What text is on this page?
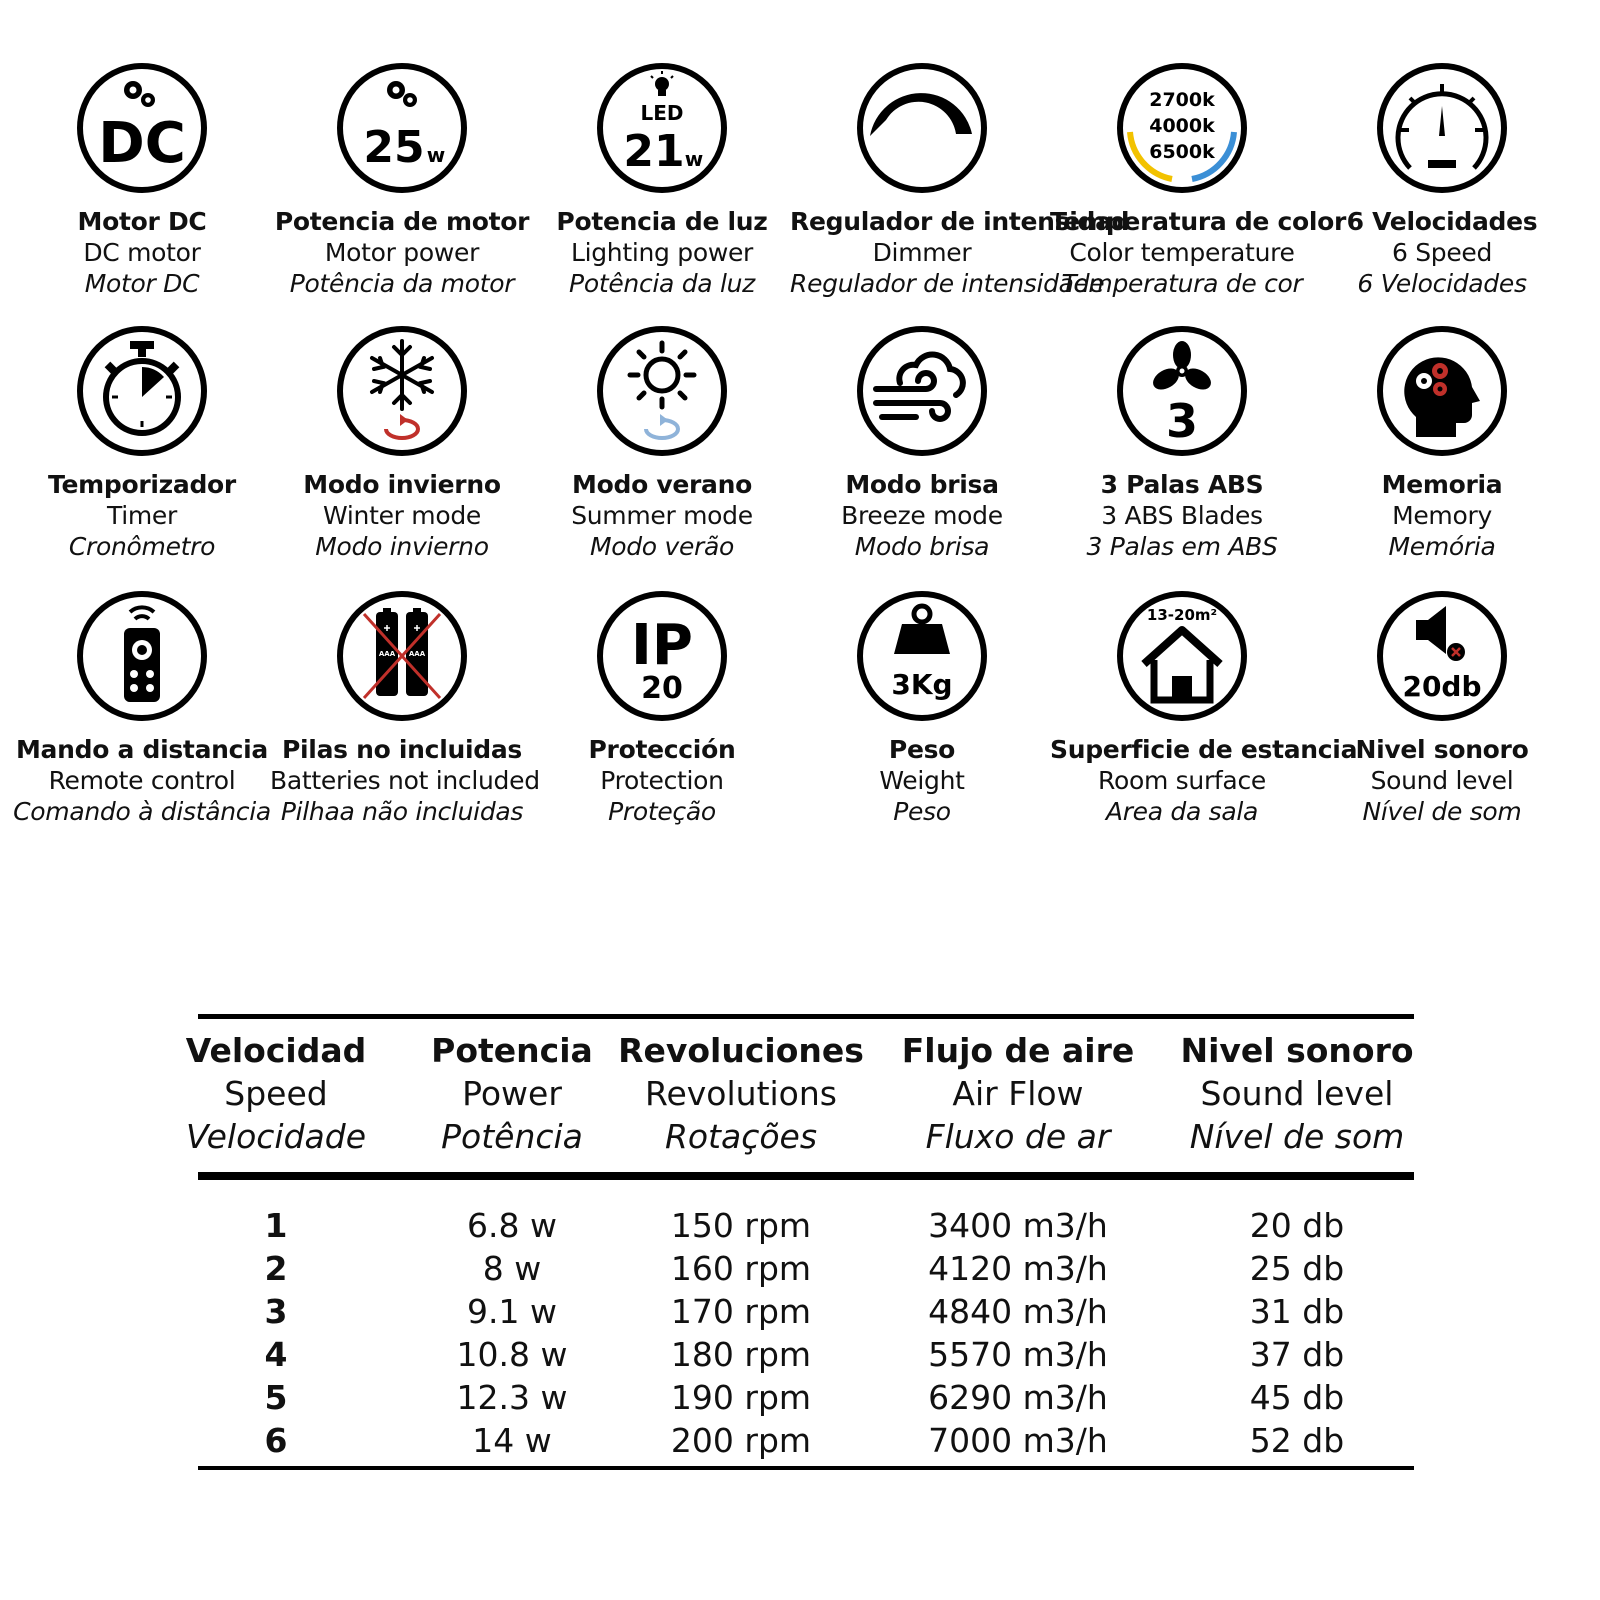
DC
Motor DC
DC motor
Motor DC
25 w
Potencia de motor
Motor power
Potência da motor
LED
21 w
Potencia de luz
Lighting power
Potência da luz
Regulador de intensidad
Dimmer
Regulador de intensidade
2700k
4000k
6500k
Temperatura de color
Color temperature
Temperatura de cor
6 Velocidades
6 Speed
6 Velocidades
Temporizador
Timer
Cronômetro
Modo invierno
Winter mode
Modo invierno
Modo verano
Summer mode
Modo verão
Modo brisa
Breeze mode
Modo brisa
3
3 Palas ABS
3 ABS Blades
3 Palas em ABS
Memoria
Memory
Memória
Mando a distancia
Remote control
Comando à distância
AAA AAA
Pilas no incluidas
Batteries not included
Pilhaa não incluidas
IP
20
Protección
Protection
Proteção
3Kg
Peso
Weight
Peso
13-20m²
Superficie de estancia
Room surface
Area da sala
20db
Nivel sonoro
Sound level
Nível de som
Velocidad
Speed
Velocidade
Potencia
Power
Potência
Revoluciones
Revolutions
Rotações
Flujo de aire
Air Flow
Fluxo de ar
Nivel sonoro
Sound level
Nível de som
1
2
3
4
5
6
6.8 w
8 w
9.1 w
10.8 w
12.3 w
14 w
150 rpm
160 rpm
170 rpm
180 rpm
190 rpm
200 rpm
3400 m3/h
4120 m3/h
4840 m3/h
5570 m3/h
6290 m3/h
7000 m3/h
20 db
25 db
31 db
37 db
45 db
52 db
